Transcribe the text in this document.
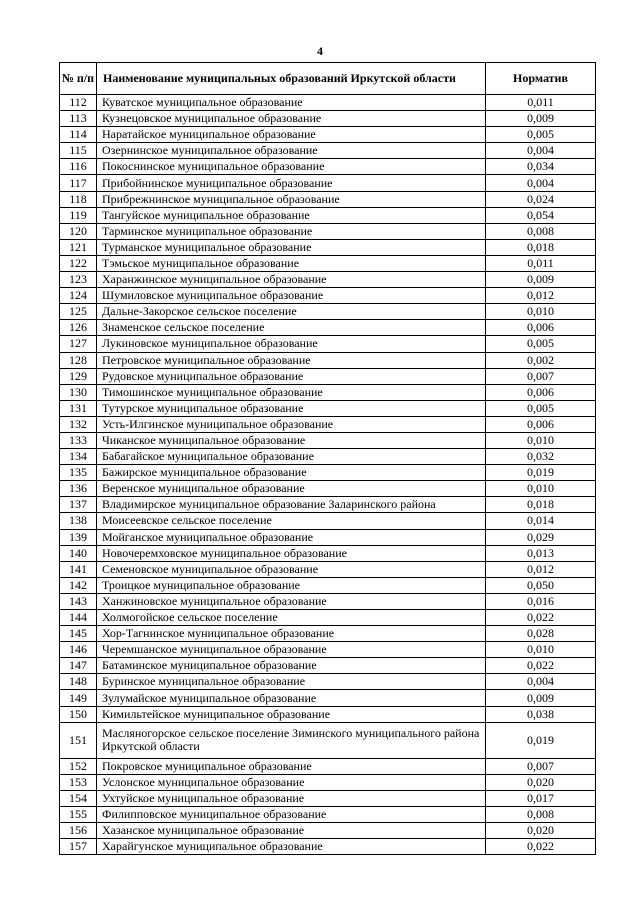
4
№ п/п	Наименование муниципальных образований Иркутской области	Норматив
112	Куватское муниципальное образование	0,011
113	Кузнецовское муниципальное образование	0,009
114	Наратайское муниципальное образование	0,005
115	Озернинское муниципальное образование	0,004
116	Покоснинское муниципальное образование	0,034
117	Прибойнинское муниципальное образование	0,004
118	Прибрежнинское муниципальное образование	0,024
119	Тангуйское муниципальное образование	0,054
120	Тарминское муниципальное образование	0,008
121	Турманское муниципальное образование	0,018
122	Тэмьское муниципальное образование	0,011
123	Харанжинское муниципальное образование	0,009
124	Шумиловское муниципальное образование	0,012
125	Дальне-Закорское сельское поселение	0,010
126	Знаменское сельское поселение	0,006
127	Лукиновское муниципальное образование	0,005
128	Петровское муниципальное образование	0,002
129	Рудовское муниципальное образование	0,007
130	Тимошинское муниципальное образование	0,006
131	Тутурское муниципальное образование	0,005
132	Усть-Илгинское муниципальное образование	0,006
133	Чиканское муниципальное образование	0,010
134	Бабагайское муниципальное образование	0,032
135	Бажирское муниципальное образование	0,019
136	Веренское муниципальное образование	0,010
137	Владимирское муниципальное образование Заларинского района	0,018
138	Моисеевское сельское поселение	0,014
139	Мойганское муниципальное образование	0,029
140	Новочеремховское муниципальное образование	0,013
141	Семеновское муниципальное образование	0,012
142	Троицкое муниципальное образование	0,050
143	Ханжиновское муниципальное образование	0,016
144	Холмогойское сельское поселение	0,022
145	Хор-Тагнинское муниципальное образование	0,028
146	Черемшанское муниципальное образование	0,010
147	Батаминское муниципальное образование	0,022
148	Буринское муниципальное образование	0,004
149	Зулумайское муниципальное образование	0,009
150	Кимильтейское муниципальное образование	0,038
151	Масляногорское сельское поселение Зиминского муниципального района Иркутской области	0,019
152	Покровское муниципальное образование	0,007
153	Услонское муниципальное образование	0,020
154	Ухтуйское муниципальное образование	0,017
155	Филипповское муниципальное образование	0,008
156	Хазанское муниципальное образование	0,020
157	Харайгунское муниципальное образование	0,022
